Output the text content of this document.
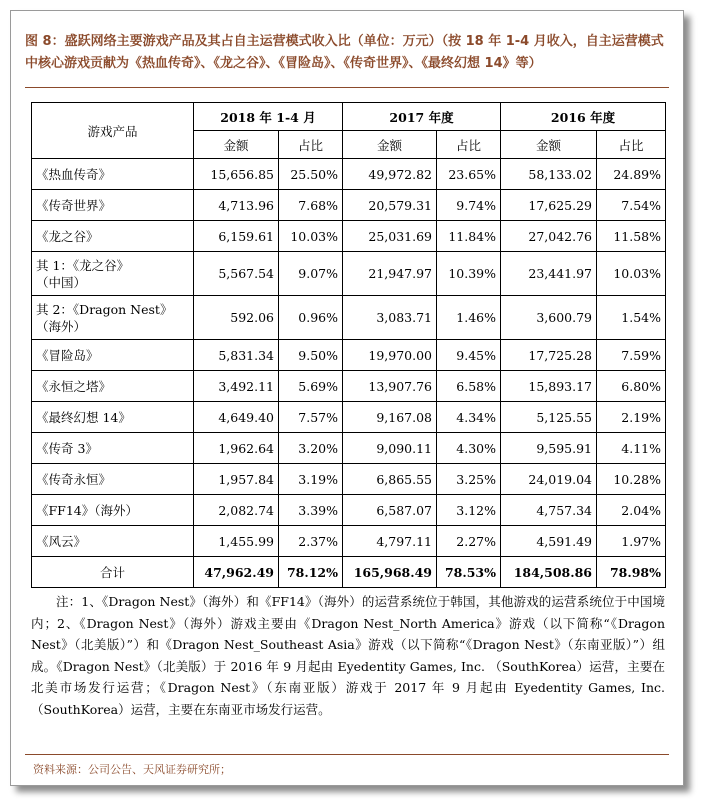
图 8：盛跃网络主要游戏产品及其占自主运营模式收入比（单位：万元）（按 18 年 1-4 月收入，自主运营模式中核心游戏贡献为《热血传奇》、《龙之谷》、《冒险岛》、《传奇世界》、《最终幻想 14》等）
游戏产品	2018 年 1-4 月		2017 年度		2016 年度	
	金额	占比	金额	占比	金额	占比
《热血传奇》	15,656.85	25.50%	49,972.82	23.65%	58,133.02	24.89%
《传奇世界》	4,713.96	7.68%	20,579.31	9.74%	17,625.29	7.54%
《龙之谷》	6,159.61	10.03%	25,031.69	11.84%	27,042.76	11.58%
其 1：《龙之谷》
（中国）	5,567.54	9.07%	21,947.97	10.39%	23,441.97	10.03%
其 2：《Dragon Nest》
（海外）	592.06	0.96%	3,083.71	1.46%	3,600.79	1.54%
《冒险岛》	5,831.34	9.50%	19,970.00	9.45%	17,725.28	7.59%
《永恒之塔》	3,492.11	5.69%	13,907.76	6.58%	15,893.17	6.80%
《最终幻想 14》	4,649.40	7.57%	9,167.08	4.34%	5,125.55	2.19%
《传奇 3》	1,962.64	3.20%	9,090.11	4.30%	9,595.91	4.11%
《传奇永恒》	1,957.84	3.19%	6,865.55	3.25%	24,019.04	10.28%
《FF14》（海外）	2,082.74	3.39%	6,587.07	3.12%	4,757.34	2.04%
《风云》	1,455.99	2.37%	4,797.11	2.27%	4,591.49	1.97%
合计	47,962.49	78.12%	165,968.49	78.53%	184,508.86	78.98%
注：1、《Dragon Nest》（海外）和《FF14》（海外）的运营系统位于韩国，其他游戏的运营系统位于中国境内；2、《Dragon Nest》（海外）游戏主要由《Dragon Nest_North America》游戏（以下简称“《Dragon Nest》（北美版）”）和《Dragon Nest_Southeast Asia》游戏（以下简称“《Dragon Nest》（东南亚版）”）组成。《Dragon Nest》（北美版）于 2016 年 9 月起由 Eyedentity Games, Inc. （SouthKorea）运营，主要在北美市场发行运营；《Dragon Nest》（东南亚版）游戏于 2017 年 9 月起由 Eyedentity Games, Inc.（SouthKorea）运营，主要在东南亚市场发行运营。
资料来源：公司公告、天风证券研究所；
